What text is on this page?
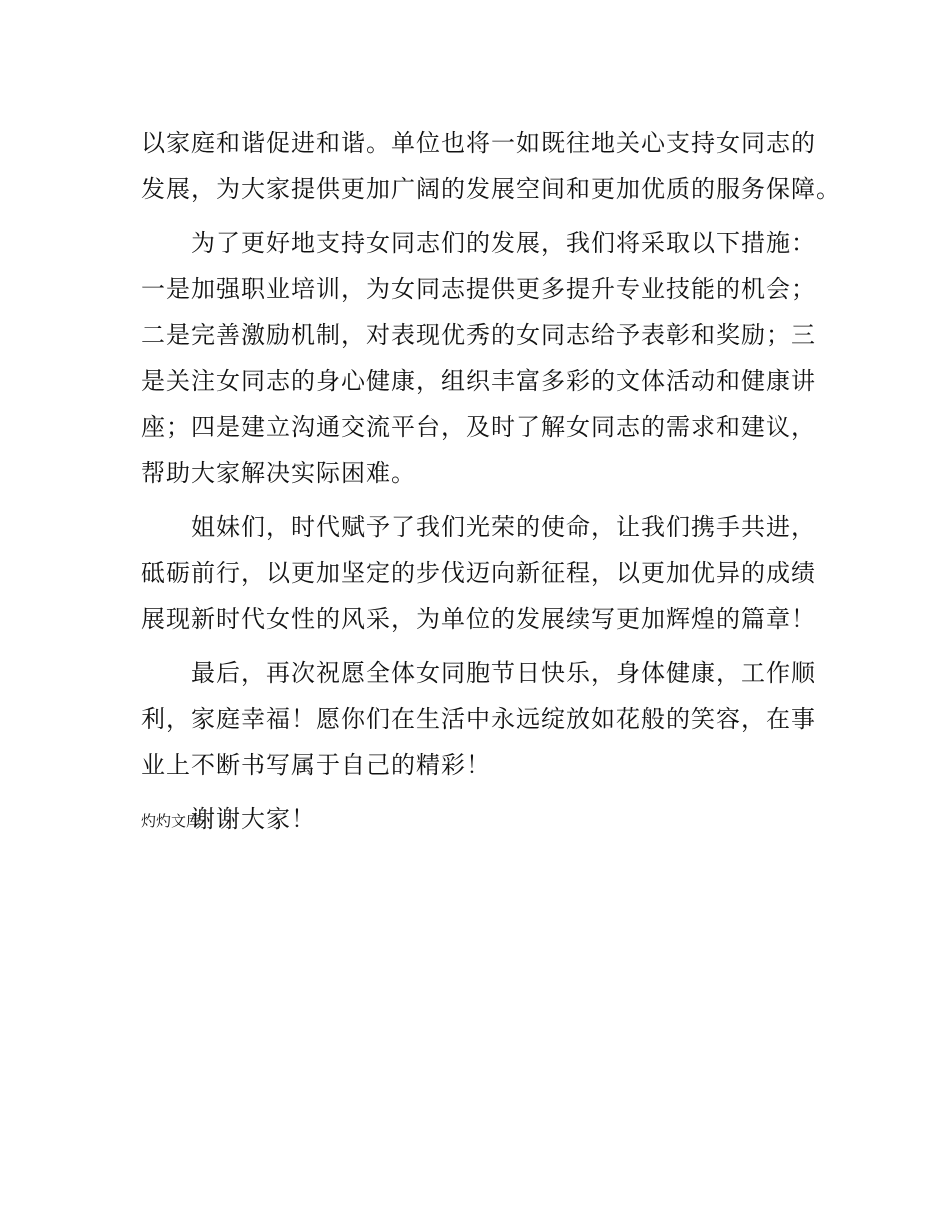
以家庭和谐促进和谐。单位也将一如既往地关心支持女同志的
发展，为大家提供更加广阔的发展空间和更加优质的服务保障。
为了更好地支持女同志们的发展，我们将采取以下措施：
一是加强职业培训，为女同志提供更多提升专业技能的机会；
二是完善激励机制，对表现优秀的女同志给予表彰和奖励；三
是关注女同志的身心健康，组织丰富多彩的文体活动和健康讲
座；四是建立沟通交流平台，及时了解女同志的需求和建议，
帮助大家解决实际困难。
姐妹们，时代赋予了我们光荣的使命，让我们携手共进，
砥砺前行，以更加坚定的步伐迈向新征程，以更加优异的成绩
展现新时代女性的风采，为单位的发展续写更加辉煌的篇章！
最后，再次祝愿全体女同胞节日快乐，身体健康，工作顺
利，家庭幸福！愿你们在生活中永远绽放如花般的笑容，在事
业上不断书写属于自己的精彩！
谢谢大家！
灼灼文库
